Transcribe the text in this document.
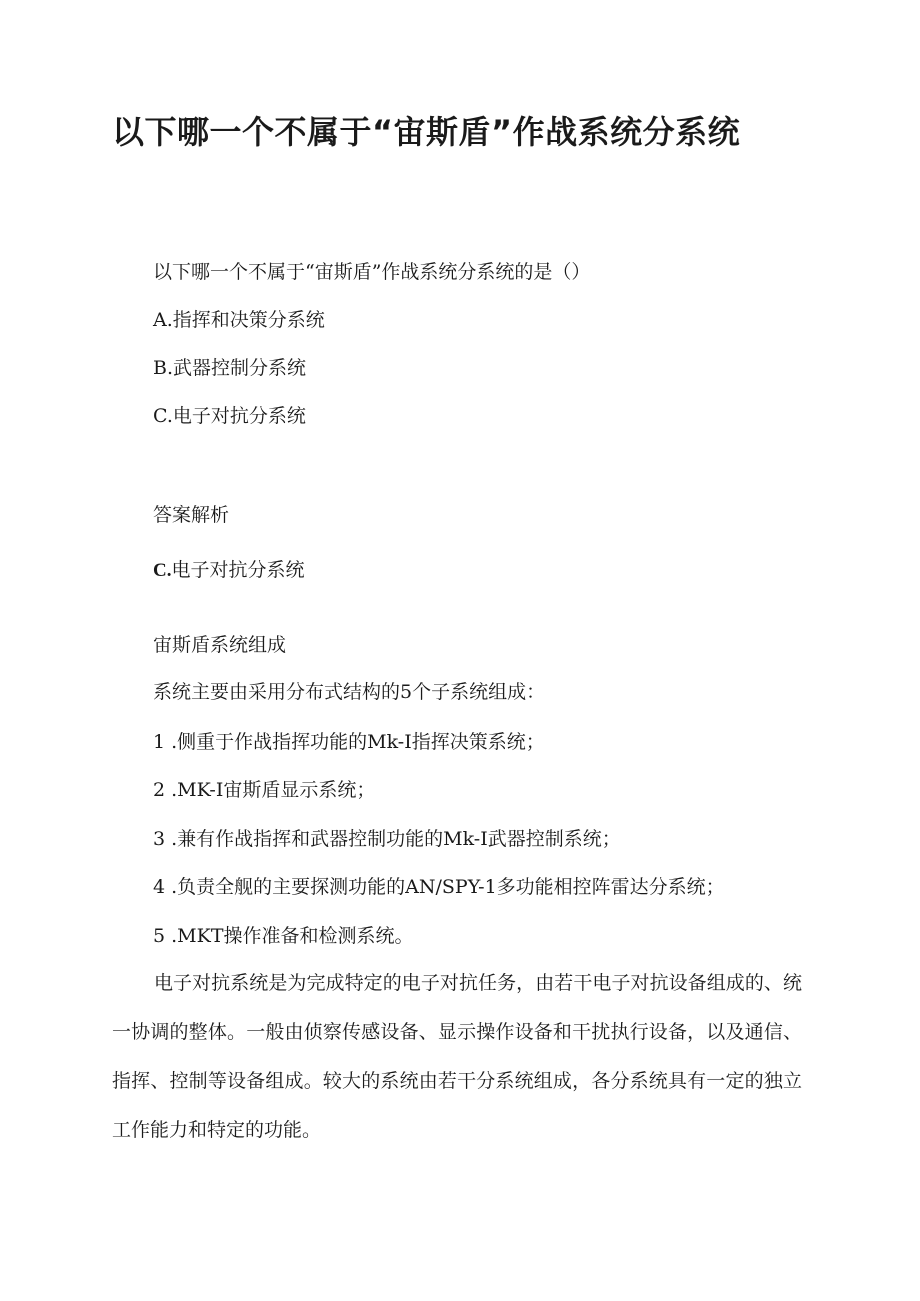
以下哪一个不属于“宙斯盾”作战系统分系统

以下哪一个不属于“宙斯盾”作战系统分系统的是（）

A.指挥和决策分系统

B.武器控制分系统

C.电子对抗分系统

答案解析

C.电子对抗分系统

宙斯盾系统组成

系统主要由采用分布式结构的5个子系统组成：

1 .侧重于作战指挥功能的Mk-I指挥决策系统；

2 .MK-I宙斯盾显示系统；

3 .兼有作战指挥和武器控制功能的Mk-I武器控制系统；

4 .负责全舰的主要探测功能的AN/SPY-1多功能相控阵雷达分系统；

5 .MKT操作准备和检测系统。

电子对抗系统是为完成特定的电子对抗任务，由若干电子对抗设备组成的、统一协调的整体。一般由侦察传感设备、显示操作设备和干扰执行设备，以及通信、指挥、控制等设备组成。较大的系统由若干分系统组成，各分系统具有一定的独立工作能力和特定的功能。
